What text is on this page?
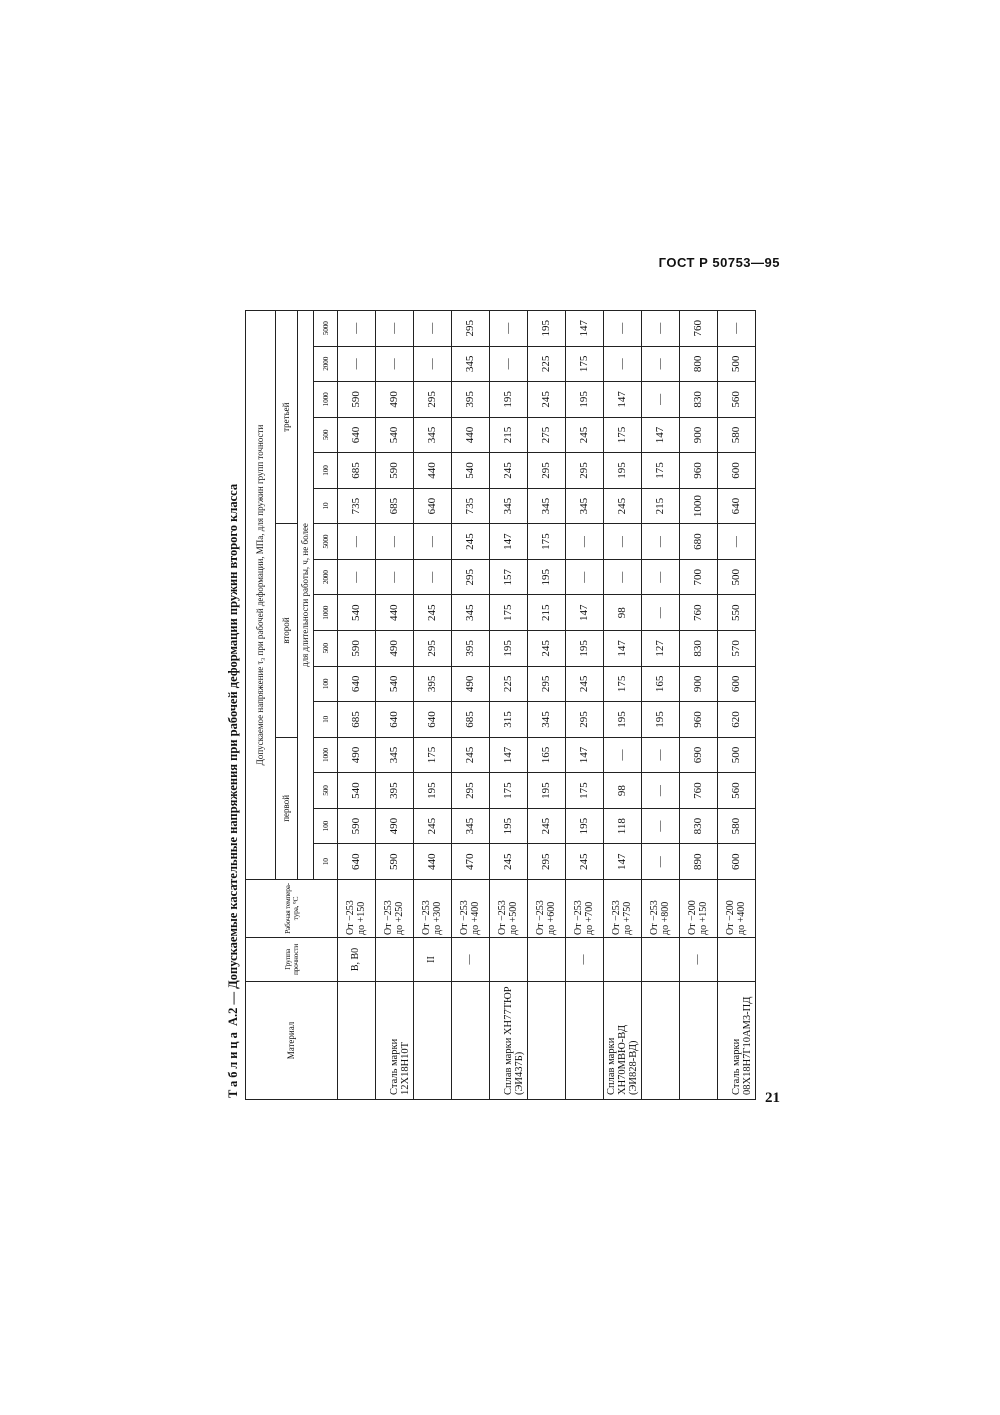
ГОСТ Р 50753—95
Таблица А.2 — Допускаемые касательные напряжения при рабочей деформации пружин второго класса
Материал	Группа прочности	Рабочая темпера-тура, °С	Допускаемое напряжение τ₃ при рабочей деформации, МПа, для пружин групп точности															
			первой				второй						третьей					
			для длительности работы, ч, не более															
			10	100	500	1000	10	100	500	1000	2000	5000	10	100	500	1000	2000	5000
	В, В0	От −253 до +150	640	590	540	490	685	640	590	540	—	—	735	685	640	590	—	—
Сталь марки 12Х18Н10Т		От −253 до +250	590	490	395	345	640	540	490	440	—	—	685	590	540	490	—	—
	II	От −253 до +300	440	245	195	175	640	395	295	245	—	—	640	440	345	295	—	—
	—	От −253 до +400	470	345	295	245	685	490	395	345	295	245	735	540	440	395	345	295
Сплав марки ХН77ТЮР (ЭИ437Б)		От −253 до +500	245	195	175	147	315	225	195	175	157	147	345	245	215	195	—	—

		От −253 до +600	295	245	195	165	345	295	245	215	195	175	345	295	275	245	225	195
	—	От −253 до +700	245	195	175	147	295	245	195	147	—	—	345	295	245	195	175	147
Сплав марки ХН70МВЮ-ВД (ЭИ828-ВД)		От −253 до +750	147	118	98	—	195	175	147	98	—	—	245	195	175	147	—	—

		От −253 до +800	—	—	—	—	195	165	127	—	—	—	215	175	147	—	—	—
	—	От −200 до +150	890	830	760	690	960	900	830	760	700	680	1000	960	900	830	800	760
Сталь марки 08Х18Н7Г10АМ3-ПД		От −200 до +400	600	580	560	500	620	600	570	550	500	—	640	600	580	560	500	—
21
